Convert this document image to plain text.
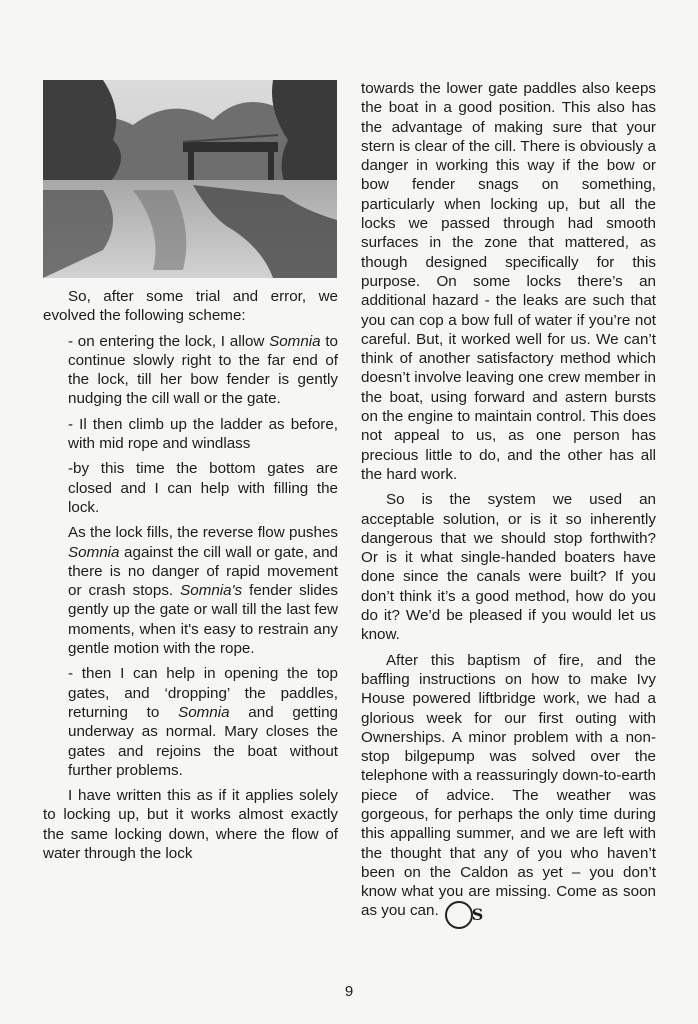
So, after some trial and error, we evolved the following scheme:

- on entering the lock, I allow Somnia to continue slowly right to the far end of the lock, till her bow fender is gently nudging the cill wall or the gate.

- Il then climb up the ladder as before, with mid rope and windlass

-by this time the bottom gates are closed and I can help with filling the lock.

As the lock fills, the reverse flow pushes Somnia against the cill wall or gate, and there is no danger of rapid movement or crash stops. Somnia's fender slides gently up the gate or wall till the last few moments, when it's easy to restrain any gentle motion with the rope.

- then I can help in opening the top gates, and ‘dropping’ the paddles, returning to Somnia and getting underway as normal. Mary closes the gates and rejoins the boat without further problems.

I have written this as if it applies solely to locking up, but it works almost exactly the same locking down, where the flow of water through the lock

towards the lower gate paddles also keeps the boat in a good position. This also has the advantage of making sure that your stern is clear of the cill. There is obviously a danger in working this way if the bow or bow fender snags on something, particularly when locking up, but all the locks we passed through had smooth surfaces in the zone that mattered, as though designed specifically for this purpose. On some locks there’s an additional hazard - the leaks are such that you can cop a bow full of water if you’re not careful. But, it worked well for us. We can’t think of another satisfactory method which doesn’t involve leaving one crew member in the boat, using forward and astern bursts on the engine to maintain control. This does not appeal to us, as one person has precious little to do, and the other has all the hard work.

So is the system we used an acceptable solution, or is it so inherently dangerous that we should stop forthwith? Or is it what single-handed boaters have done since the canals were built? If you don’t think it’s a good method, how do you do it? We’d be pleased if you would let us know.

After this baptism of fire, and the baffling instructions on how to make Ivy House powered liftbridge work, we had a glorious week for our first outing with Ownerships. A minor problem with a non-stop bilgepump was solved over the telephone with a reassuringly down-to-earth piece of advice. The weather was gorgeous, for perhaps the only time during this appalling summer, and we are left with the thought that any of you who haven’t been on the Caldon as yet – you don’t know what you are missing. Come as soon as you can. S

9
